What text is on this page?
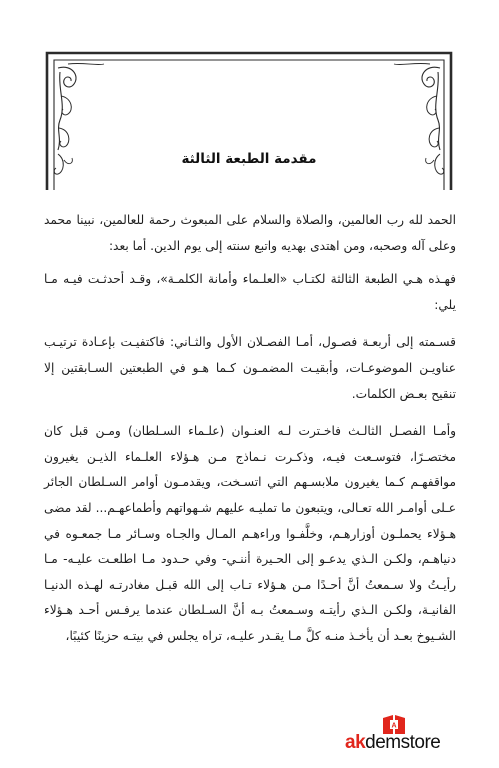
مقدمة الطبعة الثالثة

الحمد لله رب العالمين، والصلاة والسلام على المبعوث رحمة للعالمين، نبينا محمد وعلى آله وصحبه، ومن اهتدى بهديه واتبع سنته إلى يوم الدين. أما بعد:

فهـذه هـي الطبعة الثالثة لكتـاب «العلـماء وأمانة الكلمـة»، وقـد أحدثـت فيـه مـا يلي:

قسـمته إلى أربعـة فصـول، أمـا الفصـلان الأول والثـاني: فاكتفيـت بإعـادة ترتيـب عناويـن الموضوعـات، وأبقيـت المضمـون كـما هـو في الطبعتين السـابقتين إلا تنقيح بعـض الكلمات.

وأمـا الفصـل الثالـث فاخـترت لـه العنـوان (علـماء السـلطان) ومـن قبل كان مختصـرًا، فتوسـعت فيـه، وذكـرت نـماذج مـن هـؤلاء العلـماء الذيـن يغيرون مواقفهـم كـما يغيرون ملابسـهم التي اتسـخت، ويقدمـون أوامر السـلطان الجائر عـلى أوامـر الله تعـالى، ويتبعون ما تمليـه عليهم شـهواتهم وأطماعهـم... لقد مضى هـؤلاء يحملـون أوزارهـم، وخلَّفـوا وراءهـم المـال والجـاه وسـائر مـا جمعـوه في دنياهـم، ولكـن الـذي يدعـو إلى الحـيرة أننـي- وفي حـدود مـا اطلعـت عليـه- مـا رأيـتُ ولا سـمعتُ أنَّ أحـدًا مـن هـؤلاء تـاب إلى الله قبـل مغادرتـه لهـذه الدنيـا الفانيـة، ولكـن الـذي رأيتـه وسـمعتُ بـه أنَّ السـلطان عندما يرفـس أحـد هـؤلاء الشـيوخ بعـد أن يأخـذ منـه كلَّ مـا يقـدر عليـه، تراه يجلس في بيتـه حزينًا كئيبًا،

A
akdemstore
